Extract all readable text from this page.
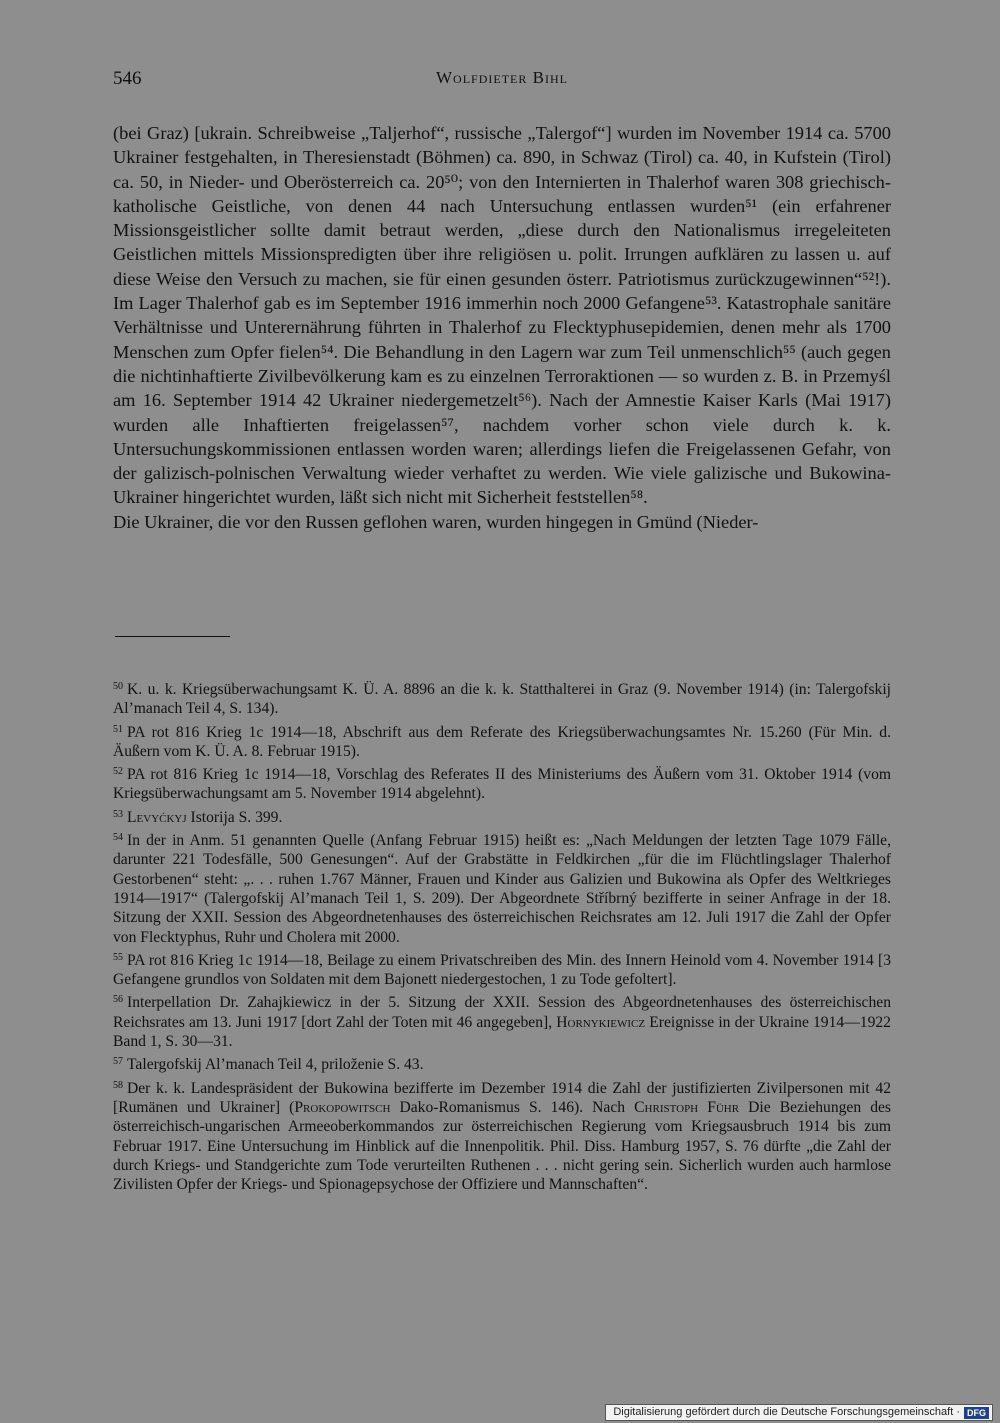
546	Wolfdieter Bihl

(bei Graz) [ukrain. Schreibweise „Taljerhof“, russische „Talergof“] wurden im November 1914 ca. 5700 Ukrainer festgehalten, in Theresienstadt (Böhmen) ca. 890, in Schwaz (Tirol) ca. 40, in Kufstein (Tirol) ca. 50, in Nieder- und Oberösterreich ca. 20⁵⁰; von den Internierten in Thalerhof waren 308 griechisch-katholische Geistliche, von denen 44 nach Untersuchung entlassen wurden⁵¹ (ein erfahrener Missionsgeistlicher sollte damit betraut werden, „diese durch den Nationalismus irregeleiteten Geistlichen mittels Missionspredigten über ihre religiösen u. polit. Irrungen aufklären zu lassen u. auf diese Weise den Versuch zu machen, sie für einen gesunden österr. Patriotismus zurückzugewinnen“⁵²!). Im Lager Thalerhof gab es im September 1916 immerhin noch 2000 Gefangene⁵³. Katastrophale sanitäre Verhältnisse und Unterernährung führten in Thalerhof zu Flecktyphusepidemien, denen mehr als 1700 Menschen zum Opfer fielen⁵⁴. Die Behandlung in den Lagern war zum Teil unmenschlich⁵⁵ (auch gegen die nichtinhaftierte Zivilbevölkerung kam es zu einzelnen Terroraktionen — so wurden z. B. in Przemyśl am 16. September 1914 42 Ukrainer niedergemetzelt⁵⁶). Nach der Amnestie Kaiser Karls (Mai 1917) wurden alle Inhaftierten freigelassen⁵⁷, nachdem vorher schon viele durch k. k. Untersuchungskommissionen entlassen worden waren; allerdings liefen die Freigelassenen Gefahr, von der galizisch-polnischen Verwaltung wieder verhaftet zu werden. Wie viele galizische und Bukowina-Ukrainer hingerichtet wurden, läßt sich nicht mit Sicherheit feststellen⁵⁸.

Die Ukrainer, die vor den Russen geflohen waren, wurden hingegen in Gmünd (Nieder-

$^{50}$ K. u. k. Kriegsüberwachungsamt K. Ü. A. 8896 an die k. k. Statthalterei in Graz (9. November 1914) (in: Talergofskij Al’manach Teil 4, S. 134).

$^{51}$ PA rot 816 Krieg 1c 1914—18, Abschrift aus dem Referate des Kriegsüberwachungsamtes Nr. 15.260 (Für Min. d. Äußern vom K. Ü. A. 8. Februar 1915).

$^{52}$ PA rot 816 Krieg 1c 1914—18, Vorschlag des Referates II des Ministeriums des Äußern vom 31. Oktober 1914 (vom Kriegsüberwachungsamt am 5. November 1914 abgelehnt).

$^{53}$ Levyćkyj Istorija S. 399.

$^{54}$ In der in Anm. 51 genannten Quelle (Anfang Februar 1915) heißt es: „Nach Meldungen der letzten Tage 1079 Fälle, darunter 221 Todesfälle, 500 Genesungen“. Auf der Grabstätte in Feldkirchen „für die im Flüchtlingslager Thalerhof Gestorbenen“ steht: „. . . ruhen 1.767 Männer, Frauen und Kinder aus Galizien und Bukowina als Opfer des Weltkrieges 1914—1917“ (Talergofskij Al’manach Teil 1, S. 209). Der Abgeordnete Stříbrný bezifferte in seiner Anfrage in der 18. Sitzung der XXII. Session des Abgeordnetenhauses des österreichischen Reichsrates am 12. Juli 1917 die Zahl der Opfer von Flecktyphus, Ruhr und Cholera mit 2000.

$^{55}$ PA rot 816 Krieg 1c 1914—18, Beilage zu einem Privatschreiben des Min. des Innern Heinold vom 4. November 1914 [3 Gefangene grundlos von Soldaten mit dem Bajonett niedergestochen, 1 zu Tode gefoltert].

$^{56}$ Interpellation Dr. Zahajkiewicz in der 5. Sitzung der XXII. Session des Abgeordnetenhauses des österreichischen Reichsrates am 13. Juni 1917 [dort Zahl der Toten mit 46 angegeben], Hornykiewicz Ereignisse in der Ukraine 1914—1922 Band 1, S. 30—31.

$^{57}$ Talergofskij Al’manach Teil 4, priloženie S. 43.

$^{58}$ Der k. k. Landespräsident der Bukowina bezifferte im Dezember 1914 die Zahl der justifizierten Zivilpersonen mit 42 [Rumänen und Ukrainer] (Prokopowitsch Dako-Romanismus S. 146). Nach Christoph Führ Die Beziehungen des österreichisch-ungarischen Armeeoberkommandos zur österreichischen Regierung vom Kriegsausbruch 1914 bis zum Februar 1917. Eine Untersuchung im Hinblick auf die Innenpolitik. Phil. Diss. Hamburg 1957, S. 76 dürfte „die Zahl der durch Kriegs- und Standgerichte zum Tode verurteilten Ruthenen . . . nicht gering sein. Sicherlich wurden auch harmlose Zivilisten Opfer der Kriegs- und Spionagepsychose der Offiziere und Mannschaften“.

Digitalisierung gefördert durch die Deutsche Forschungsgemeinschaft · DFG
